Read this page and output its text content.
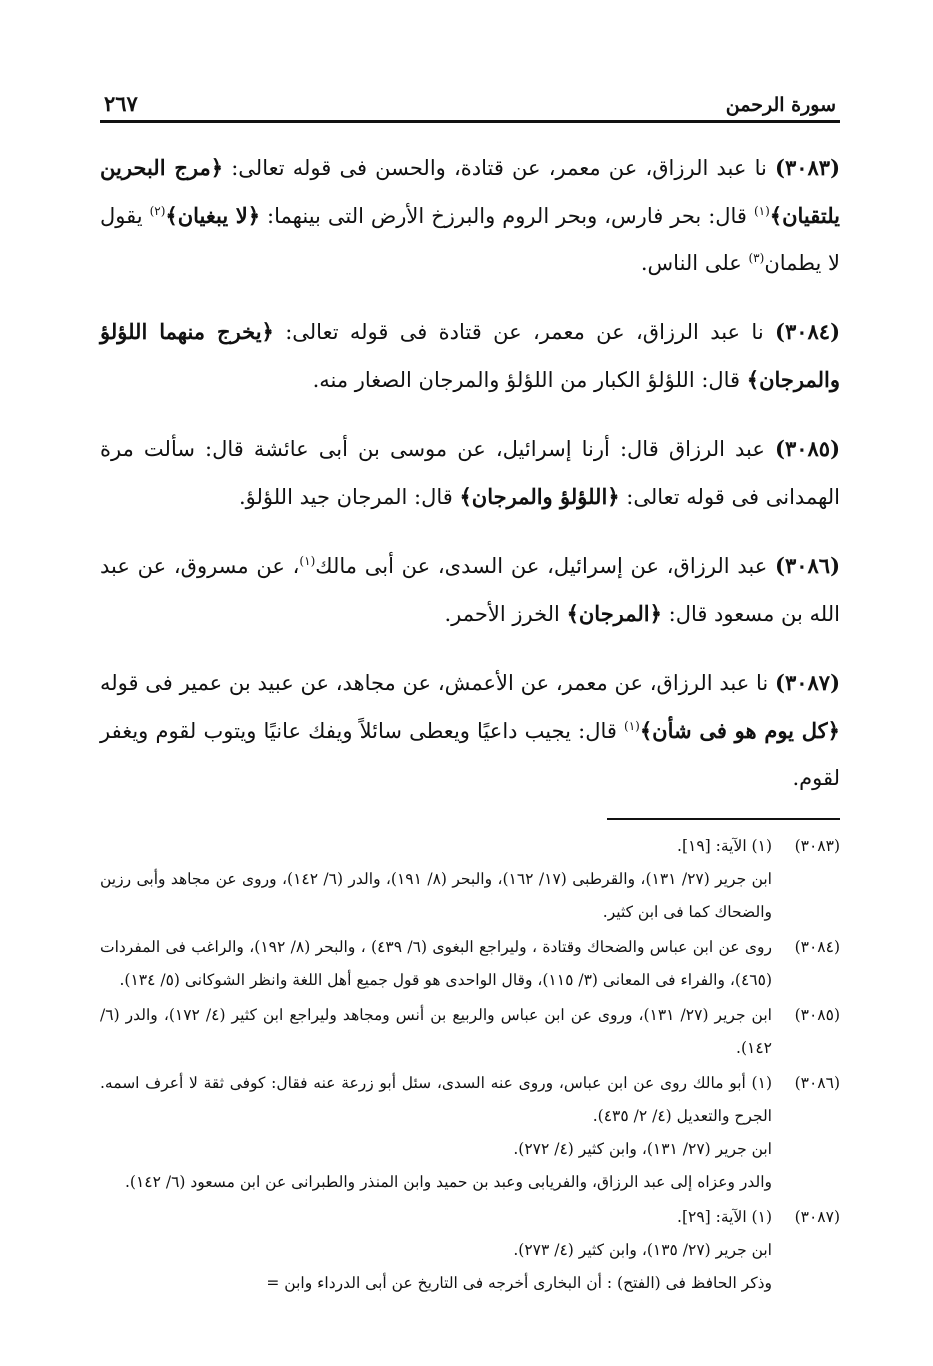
سورة الرحمن
٢٦٧

(٣٠٨٣) نا عبد الرزاق، عن معمر، عن قتادة، والحسن فى قوله تعالى: ﴿مرج البحرين يلتقيان﴾$^{(١)}$ قال: بحر فارس، وبحر الروم والبرزخ الأرض التى بينهما: ﴿لا يبغيان﴾$^{(٢)}$ يقول لا يطمان$^{(٣)}$ على الناس.

(٣٠٨٤) نا عبد الرزاق، عن معمر، عن قتادة فى قوله تعالى: ﴿يخرج منهما اللؤلؤ والمرجان﴾ قال: اللؤلؤ الكبار من اللؤلؤ والمرجان الصغار منه.

(٣٠٨٥) عبد الرزاق قال: أرنا إسرائيل، عن موسى بن أبى عائشة قال: سألت مرة الهمدانى فى قوله تعالى: ﴿اللؤلؤ والمرجان﴾ قال: المرجان جيد اللؤلؤ.

(٣٠٨٦) عبد الرزاق، عن إسرائيل، عن السدى، عن أبى مالك$^{(١)}$، عن مسروق، عن عبد الله بن مسعود قال: ﴿المرجان﴾ الخرز الأحمر.

(٣٠٨٧) نا عبد الرزاق، عن معمر، عن الأعمش، عن مجاهد، عن عبيد بن عمير فى قوله ﴿كل يوم هو فى شأن﴾$^{(١)}$ قال: يجيب داعيًا ويعطى سائلاً ويفك عانيًا ويتوب لقوم ويغفر لقوم.

(٣٠٨٣)
(١) الآية: [١٩].
ابن جرير (٢٧/ ١٣١)، والقرطبى (١٧/ ١٦٢)، والبحر (٨/ ١٩١)، والدر (٦/ ١٤٢)، وروى عن مجاهد وأبى رزين والضحاك كما فى ابن كثير.
(٣٠٨٤)
روى عن ابن عباس والضحاك وقتادة ، وليراجع البغوى (٦/ ٤٣٩) ، والبحر (٨/ ١٩٢)، والراغب فى المفردات (٤٦٥)، والفراء فى المعانى (٣/ ١١٥)، وقال الواحدى هو قول جميع أهل اللغة وانظر الشوكانى (٥/ ١٣٤).
(٣٠٨٥)
ابن جرير (٢٧/ ١٣١)، وروى عن ابن عباس والربيع بن أنس ومجاهد وليراجع ابن كثير (٤/ ١٧٢)، والدر (٦/ ١٤٢).
(٣٠٨٦)
(١) أبو مالك روى عن ابن عباس، وروى عنه السدى، سئل أبو زرعة عنه فقال: كوفى ثقة لا أعرف اسمه. الجرح والتعديل (٤/ ٢/ ٤٣٥).
ابن جرير (٢٧/ ١٣١)، وابن كثير (٤/ ٢٧٢).
والدر وعزاه إلى عبد الرزاق، والفريابى وعبد بن حميد وابن المنذر والطبرانى عن ابن مسعود (٦/ ١٤٢).
(٣٠٨٧)
(١) الآية: [٢٩].
ابن جرير (٢٧/ ١٣٥)، وابن كثير (٤/ ٢٧٣).
وذكر الحافظ فى (الفتح) : أن البخارى أخرجه فى التاريخ عن أبى الدرداء وابن =
